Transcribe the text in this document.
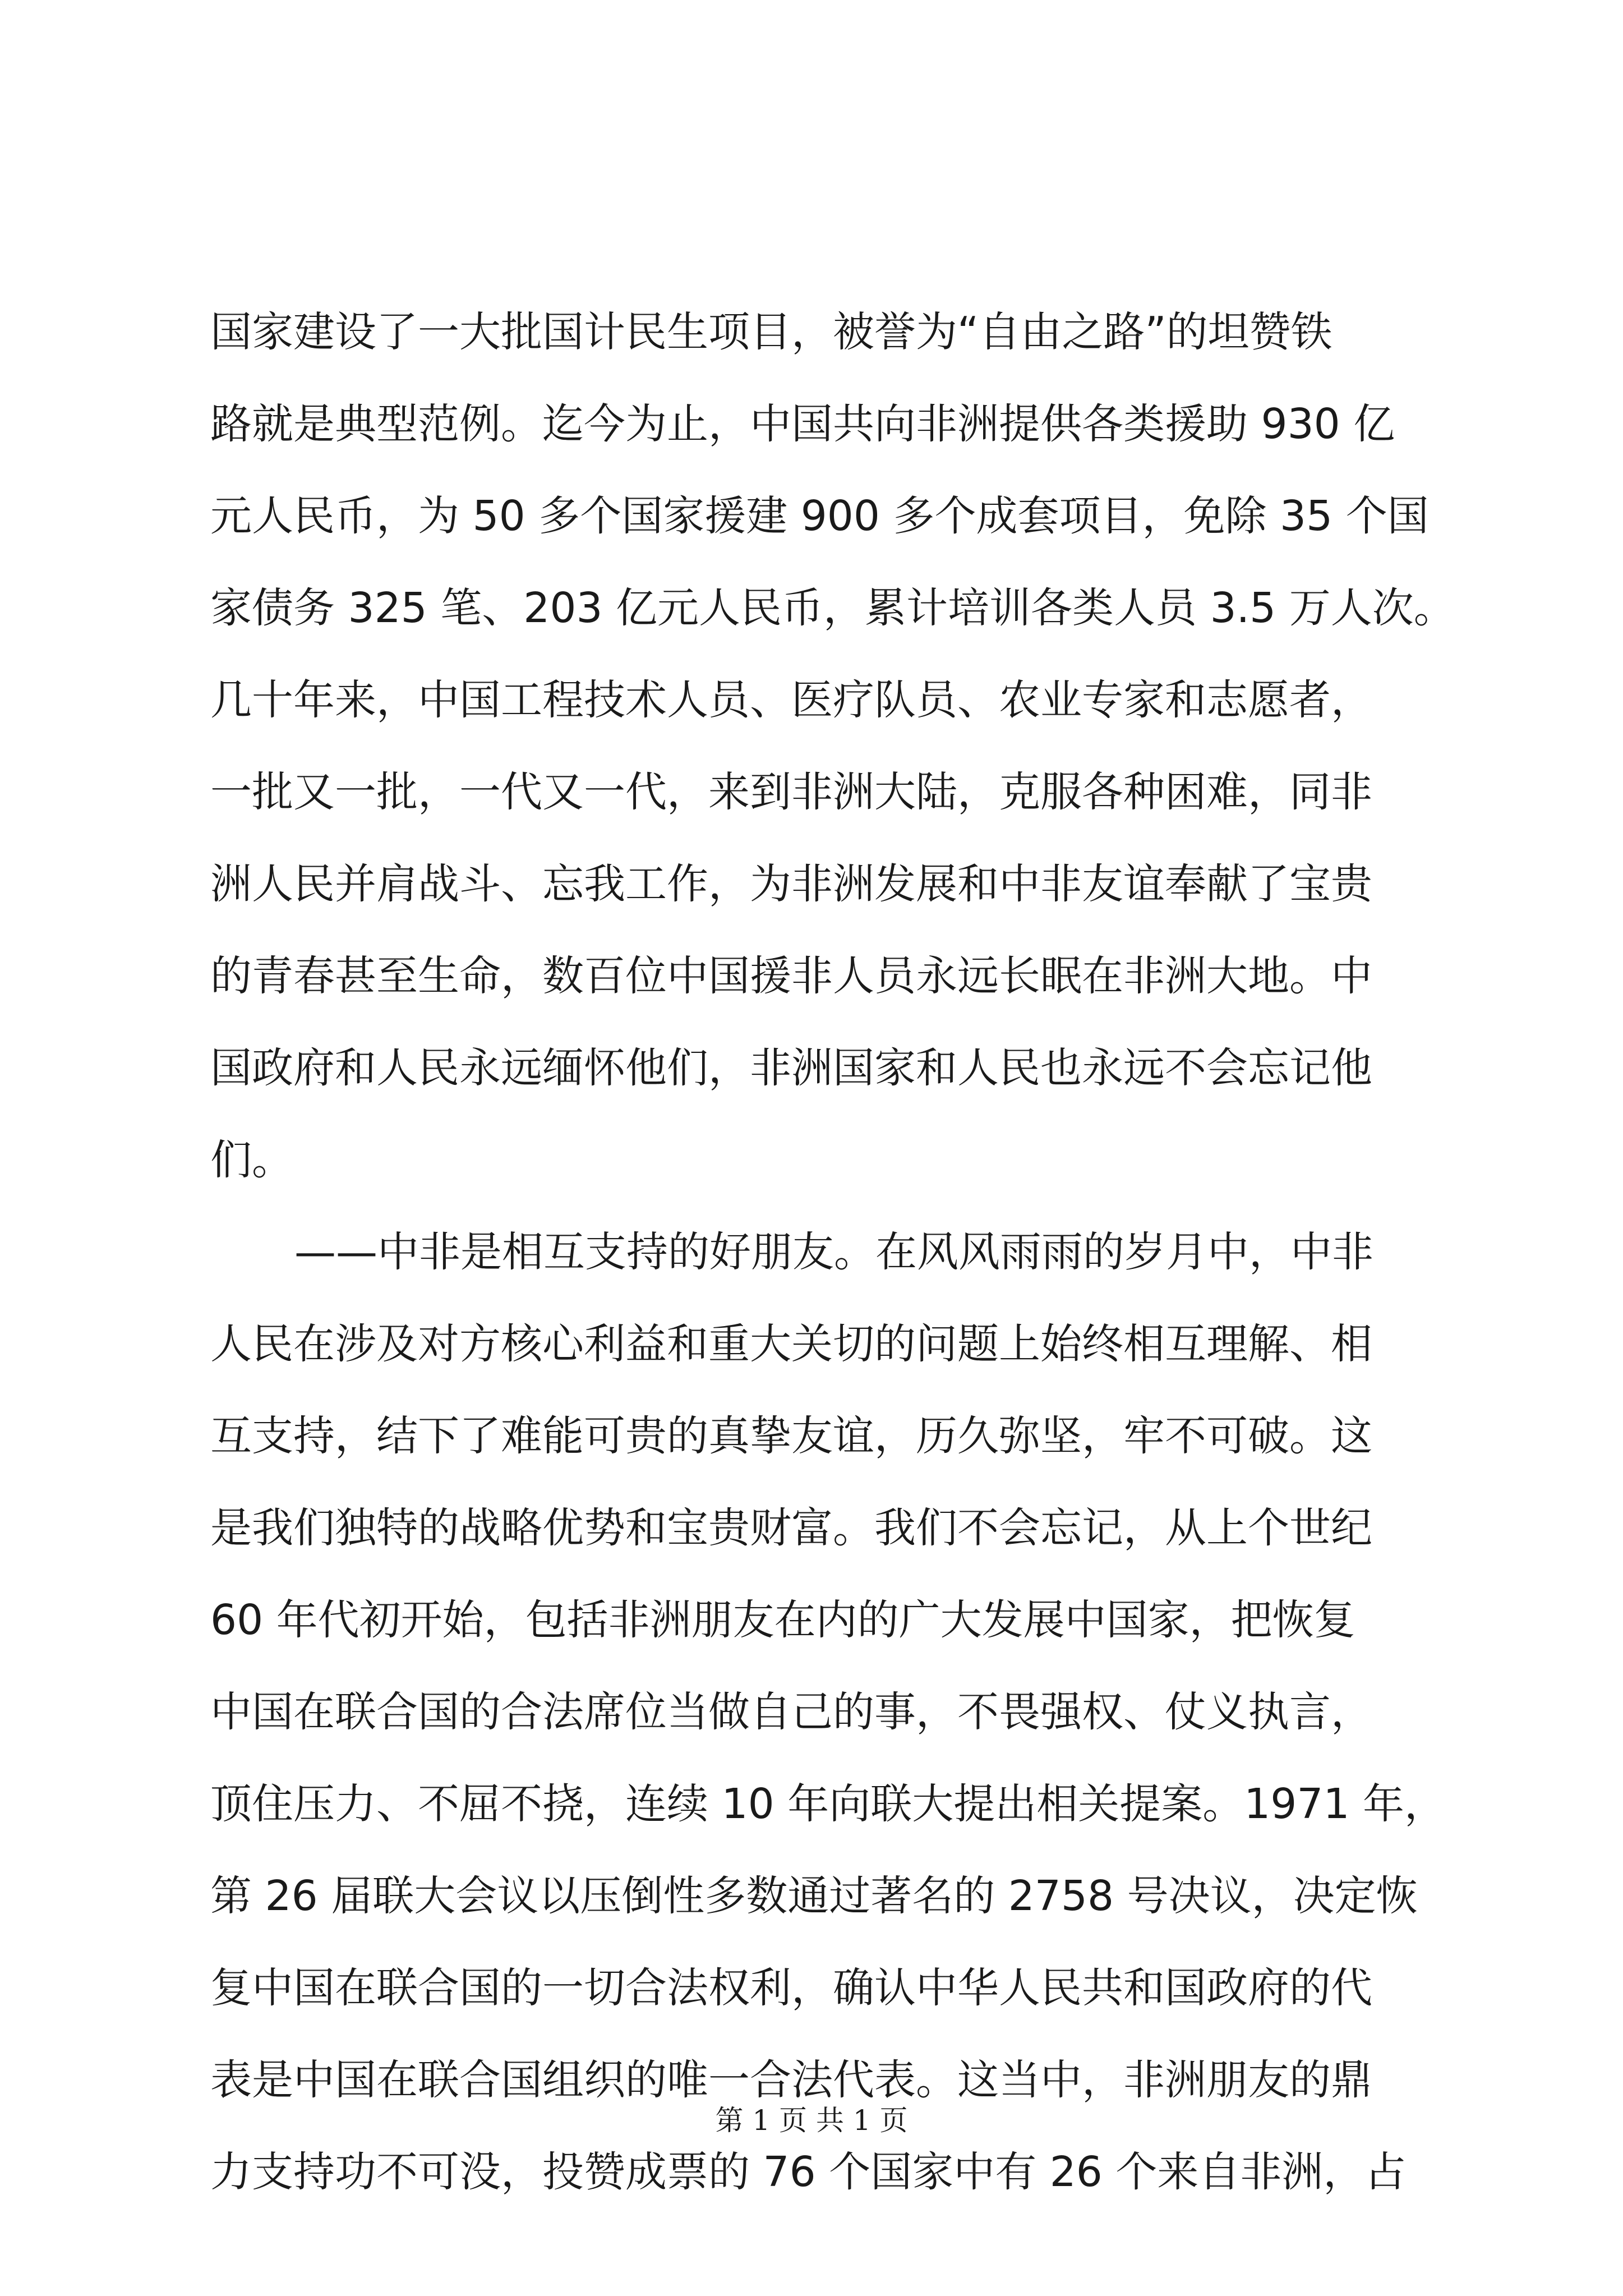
国家建设了一大批国计民生项目，被誉为“自由之路”的坦赞铁
路就是典型范例。迄今为止，中国共向非洲提供各类援助 930 亿
元人民币，为 50 多个国家援建 900 多个成套项目，免除 35 个国
家债务 325 笔、203 亿元人民币，累计培训各类人员 3.5 万人次。
几十年来，中国工程技术人员、医疗队员、农业专家和志愿者，
一批又一批，一代又一代，来到非洲大陆，克服各种困难，同非
洲人民并肩战斗、忘我工作，为非洲发展和中非友谊奉献了宝贵
的青春甚至生命，数百位中国援非人员永远长眠在非洲大地。中
国政府和人民永远缅怀他们，非洲国家和人民也永远不会忘记他
们。
——中非是相互支持的好朋友。在风风雨雨的岁月中，中非
人民在涉及对方核心利益和重大关切的问题上始终相互理解、相
互支持，结下了难能可贵的真挚友谊，历久弥坚，牢不可破。这
是我们独特的战略优势和宝贵财富。我们不会忘记，从上个世纪
60 年代初开始，包括非洲朋友在内的广大发展中国家，把恢复
中国在联合国的合法席位当做自己的事，不畏强权、仗义执言，
顶住压力、不屈不挠，连续 10 年向联大提出相关提案。1971 年，
第 26 届联大会议以压倒性多数通过著名的 2758 号决议，决定恢
复中国在联合国的一切合法权利，确认中华人民共和国政府的代
表是中国在联合国组织的唯一合法代表。这当中，非洲朋友的鼎
力支持功不可没，投赞成票的 76 个国家中有 26 个来自非洲，占
第 1 页 共 1 页
